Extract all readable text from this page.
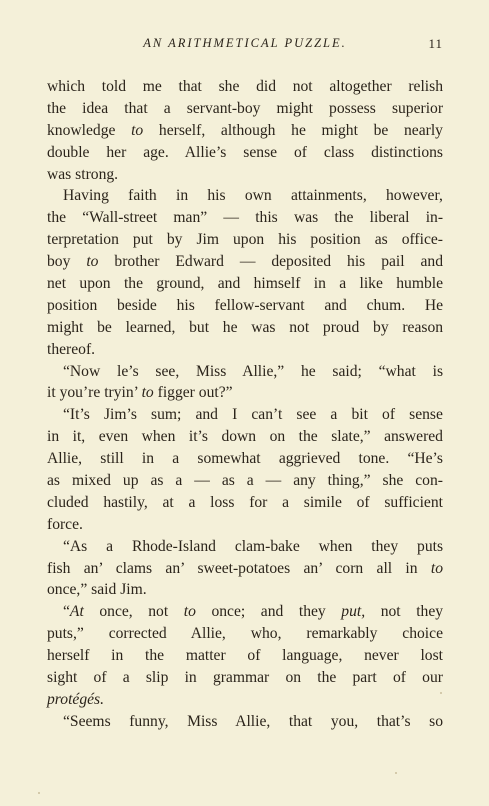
AN ARITHMETICAL PUZZLE.	11
which told me that she did not altogether relish
the idea that a servant-boy might possess superior
knowledge to herself, although he might be nearly
double her age. Allie’s sense of class distinctions
was strong.
Having faith in his own attainments, however,
the “Wall-street man” — this was the liberal in-
terpretation put by Jim upon his position as office-
boy to brother Edward — deposited his pail and
net upon the ground, and himself in a like humble
position beside his fellow-servant and chum. He
might be learned, but he was not proud by reason
thereof.
“Now le’s see, Miss Allie,” he said; “what is
it you’re tryin’ to figger out?”
“It’s Jim’s sum; and I can’t see a bit of sense
in it, even when it’s down on the slate,” answered
Allie, still in a somewhat aggrieved tone. “He’s
as mixed up as a — as a — any thing,” she con-
cluded hastily, at a loss for a simile of sufficient
force.
“As a Rhode-Island clam-bake when they puts
fish an’ clams an’ sweet-potatoes an’ corn all in to
once,” said Jim.
“At once, not to once; and they put, not they
puts,” corrected Allie, who, remarkably choice
herself in the matter of language, never lost
sight of a slip in grammar on the part of our
protégés.
“Seems funny, Miss Allie, that you, that’s so
